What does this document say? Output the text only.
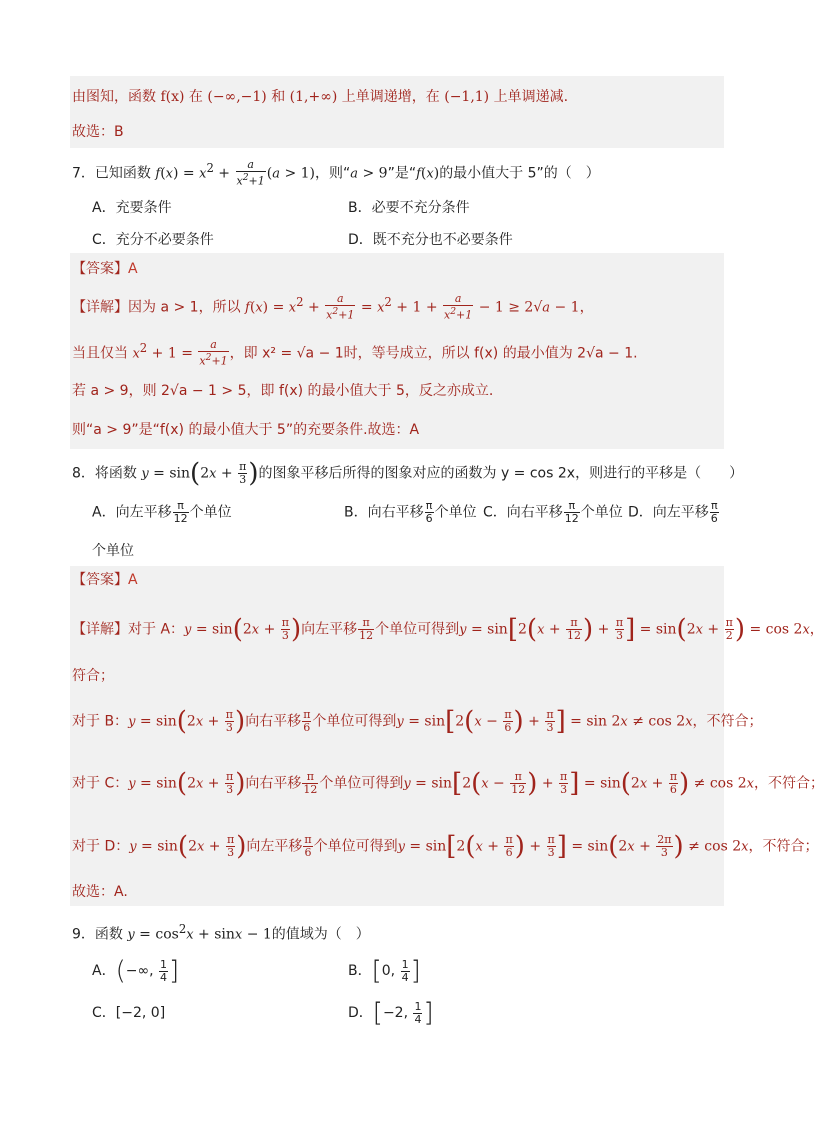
由图知，函数 f(x) 在 (−∞,−1) 和 (1,+∞) 上单调递增，在 (−1,1) 上单调递减.
故选：B
7．已知函数 $f(x) = x^2 + \frac{a}{x^2+1} (a > 1)$，则“a > 9”是“f(x)的最小值大于 5”的（　）
A．充要条件	B．必要不充分条件
C．充分不必要条件	D．既不充分也不必要条件
【答案】A
【详解】因为 a > 1，所以 $f(x) = x^2 + \frac{a}{x^2+1} = x^2 + 1 + \frac{a}{x^2+1} - 1 \ge 2√a - 1$，
当且仅当 $x^2 + 1 = \frac{a}{x^2+1}$ ，即 x² = √a − 1时，等号成立，所以 f(x) 的最小值为 2√a − 1.
若 a > 9，则 2√a − 1 > 5，即 f(x) 的最小值大于 5，反之亦成立.
则“a > 9”是“f(x) 的最小值大于 5”的充要条件.故选：A
8．将函数 $y = \sin(2x + \frac{\pi}{3}$ )的图象平移后所得的图象对应的函数为 y = cos 2x，则进行的平移是（　　）
A．向左平移 $\frac{\pi}{12}$ 个单位	B．向右平移 $\frac{\pi}{6}$ 个单位 C．向右平移 $\frac{\pi}{12}$ 个单位 D．向左平移 $\frac{\pi}{6}$
个单位
【答案】A
【详解】对于 A：$y = \sin(2x + \frac{\pi}{3}$ )向左平移 $\frac{\pi}{12}$ 个单位可得到$y = \sin[2(x + \frac{\pi}{12}$ ) + $\frac{\pi}{3}$ ] = $\sin(2x + \frac{\pi}{2}$ ) = cos 2x，
符合；
对于 B：$y = \sin(2x + \frac{\pi}{3}$ )向右平移 $\frac{\pi}{6}$ 个单位可得到$y = \sin[2(x - \frac{\pi}{6}$ ) + $\frac{\pi}{3}$ ] = sin 2x ≠ cos 2x，不符合；
对于 C：$y = \sin(2x + \frac{\pi}{3}$ )向右平移 $\frac{\pi}{12}$ 个单位可得到$y = \sin[2(x - \frac{\pi}{12}$ ) + $\frac{\pi}{3}$ ] = $\sin(2x + \frac{\pi}{6}$ ) ≠ cos 2x，不符合；
对于 D：$y = \sin(2x + \frac{\pi}{3}$ )向左平移 $\frac{\pi}{6}$ 个单位可得到$y = \sin[2(x + \frac{\pi}{6}$ ) + $\frac{\pi}{3}$ ] = $\sin(2x + \frac{2\pi}{3}$ ) ≠ cos 2x，不符合；
故选：A.
9．函数 $y = \cos^2x + \sin x - 1$的值域为（　）
A．(−∞, $\frac{1}{4}$ ]	B．[0, $\frac{1}{4}$ ]
C．[−2, 0]	D．[−2, $\frac{1}{4}$ ]
